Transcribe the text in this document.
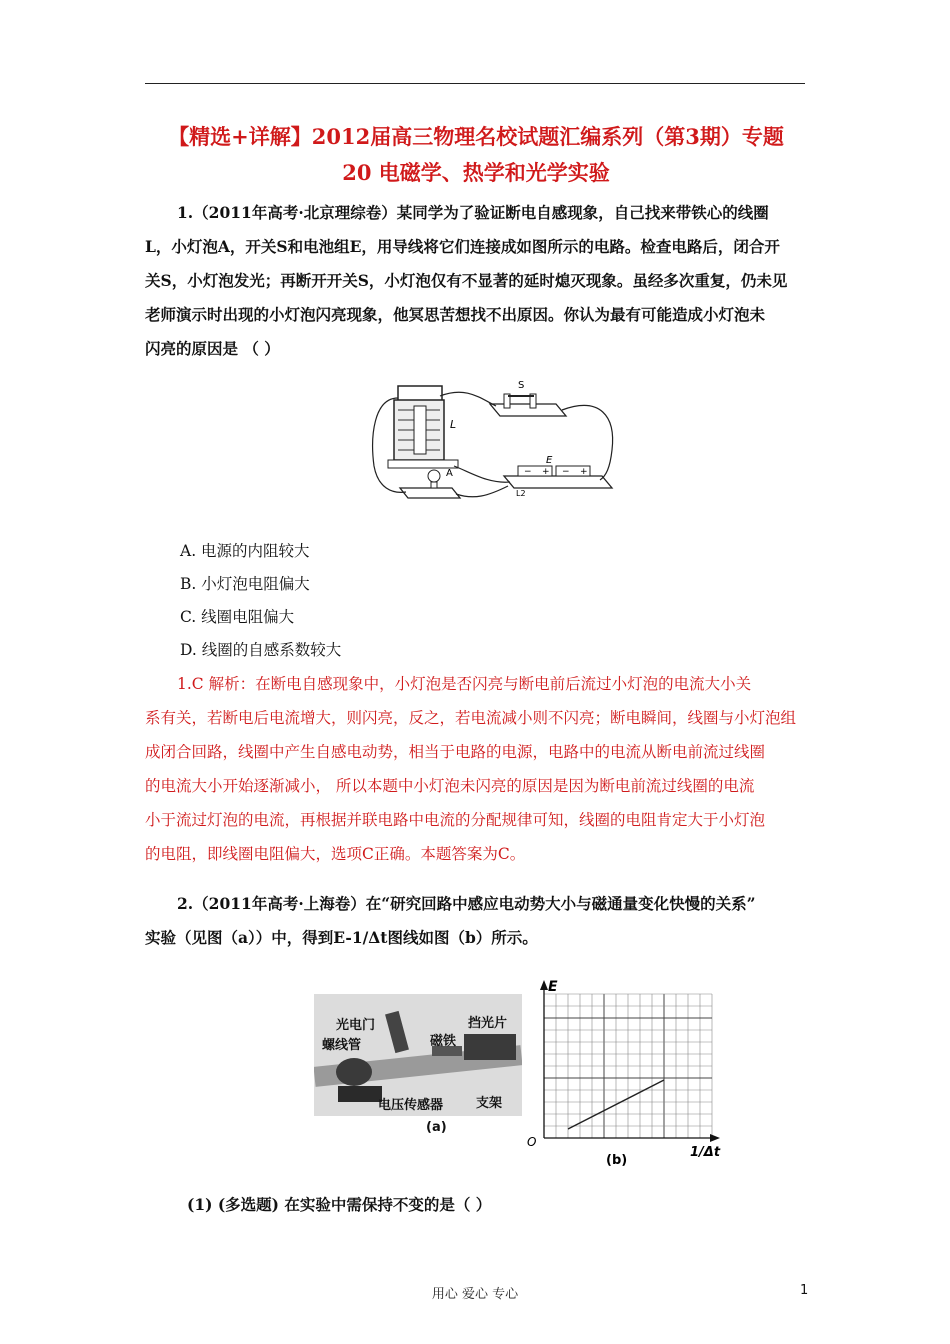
【精选+详解】2012届高三物理名校试题汇编系列（第3期）专题
20 电磁学、热学和光学实验
1.（2011年高考·北京理综卷）某同学为了验证断电自感现象，自己找来带铁心的线圈
L，小灯泡A，开关S和电池组E，用导线将它们连接成如图所示的电路。检查电路后，闭合开
关S，小灯泡发光；再断开开关S，小灯泡仅有不显著的延时熄灭现象。虽经多次重复，仍未见
老师演示时出现的小灯泡闪亮现象，他冥思苦想找不出原因。你认为最有可能造成小灯泡未
闪亮的原因是 （ ）
L
S
− + − +
E
L2
A
A. 电源的内阻较大
B. 小灯泡电阻偏大
C. 线圈电阻偏大
D. 线圈的自感系数较大
1.C 解析：在断电自感现象中，小灯泡是否闪亮与断电前后流过小灯泡的电流大小关
系有关，若断电后电流增大，则闪亮，反之，若电流减小则不闪亮；断电瞬间，线圈与小灯泡组
成闭合回路，线圈中产生自感电动势，相当于电路的电源，电路中的电流从断电前流过线圈
的电流大小开始逐渐减小， 所以本题中小灯泡未闪亮的原因是因为断电前流过线圈的电流
小于流过灯泡的电流，再根据并联电路中电流的分配规律可知，线圈的电阻肯定大于小灯泡
的电阻，即线圈电阻偏大，选项C正确。本题答案为C。
2.（2011年高考·上海卷）在“研究回路中感应电动势大小与磁通量变化快慢的关系”
实验（见图（a））中，得到E-1/Δt图线如图（b）所示。
光电门
螺线管	磁铁
挡光片
电压传感器	支架
(a)
E
O
(b)
1/Δt
(1) (多选题) 在实验中需保持不变的是（ ）
用心 爱心 专心	1
